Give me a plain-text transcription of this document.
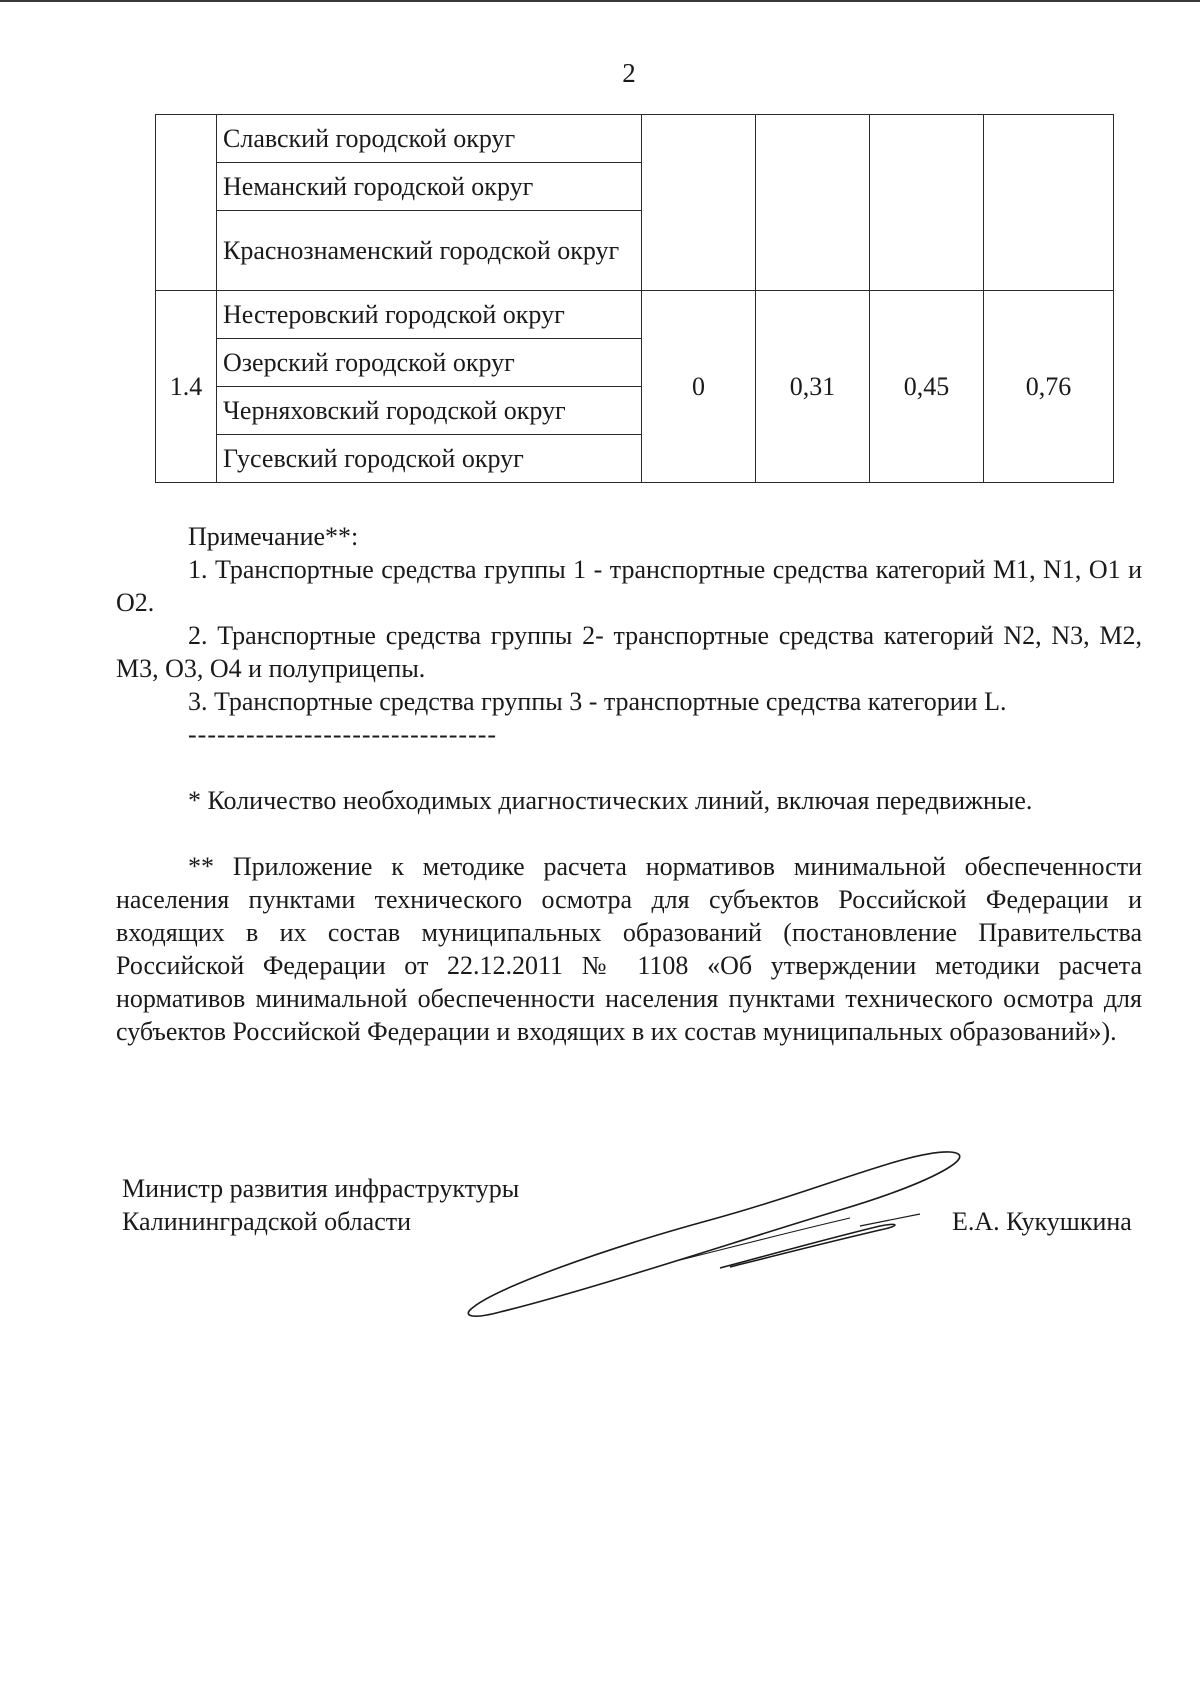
2
	Славский городской округ				
	Неманский городской округ				
	Краснознаменский городской округ				
1.4	Нестеровский городской округ	0	0,31	0,45	0,76
	Озерский городской округ				
	Черняховский городской округ				
	Гусевский городской округ				

Примечание**:

1. Транспортные средства группы 1 - транспортные средства категорий M1, N1, O1 и O2.

2. Транспортные средства группы 2- транспортные средства категорий N2, N3, M2, M3, O3, O4 и полуприцепы.

3. Транспортные средства группы 3 - транспортные средства категории L.

--------------------------------

* Количество необходимых диагностических линий, включая передвижные.

** Приложение к методике расчета нормативов минимальной обеспеченности населения пунктами технического осмотра для субъектов Российской Федерации и входящих в их состав муниципальных образований (постановление Правительства Российской Федерации от 22.12.2011 № 1108 «Об утверждении методики расчета нормативов минимальной обеспеченности населения пунктами технического осмотра для субъектов Российской Федерации и входящих в их состав муниципальных образований»).

Министр развития инфраструктуры
Калининградской области	Е.А. Кукушкина
